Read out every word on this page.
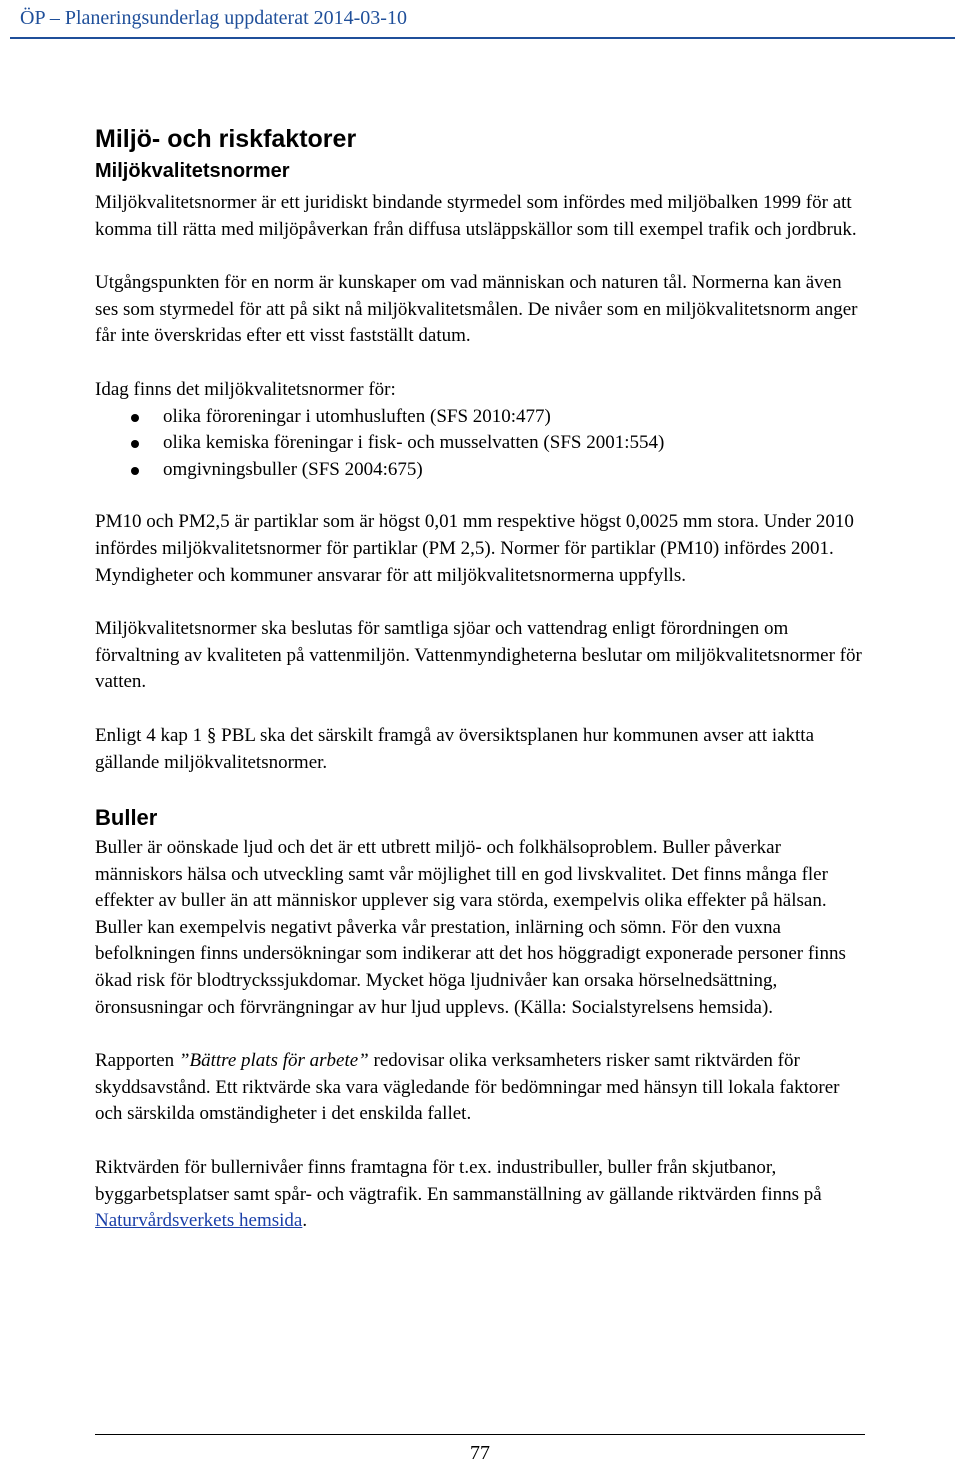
ÖP – Planeringsunderlag uppdaterat 2014-03-10
Miljö- och riskfaktorer
Miljökvalitetsnormer

Miljökvalitetsnormer är ett juridiskt bindande styrmedel som infördes med miljöbalken 1999 för att komma till rätta med miljöpåverkan från diffusa utsläppskällor som till exempel trafik och jordbruk.

Utgångspunkten för en norm är kunskaper om vad människan och naturen tål. Normerna kan även ses som styrmedel för att på sikt nå miljökvalitetsmålen. De nivåer som en miljökvalitetsnorm anger får inte överskridas efter ett visst fastställt datum.

Idag finns det miljökvalitetsnormer för:

olika föroreningar i utomhusluften (SFS 2010:477)
olika kemiska föreningar i fisk- och musselvatten (SFS 2001:554)
omgivningsbuller (SFS 2004:675)

PM10 och PM2,5 är partiklar som är högst 0,01 mm respektive högst 0,0025 mm stora. Under 2010 infördes miljökvalitetsnormer för partiklar (PM 2,5). Normer för partiklar (PM10) infördes 2001. Myndigheter och kommuner ansvarar för att miljökvalitetsnormerna uppfylls.

Miljökvalitetsnormer ska beslutas för samtliga sjöar och vattendrag enligt förordningen om förvaltning av kvaliteten på vattenmiljön. Vattenmyndigheterna beslutar om miljökvalitetsnormer för vatten.

Enligt 4 kap 1 § PBL ska det särskilt framgå av översiktsplanen hur kommunen avser att iaktta gällande miljökvalitetsnormer.

Buller

Buller är oönskade ljud och det är ett utbrett miljö- och folkhälsoproblem. Buller påverkar människors hälsa och utveckling samt vår möjlighet till en god livskvalitet. Det finns många fler effekter av buller än att människor upplever sig vara störda, exempelvis olika effekter på hälsan. Buller kan exempelvis negativt påverka vår prestation, inlärning och sömn. För den vuxna befolkningen finns undersökningar som indikerar att det hos höggradigt exponerade personer finns ökad risk för blodtryckssjukdomar. Mycket höga ljudnivåer kan orsaka hörselnedsättning, öronsusningar och förvrängningar av hur ljud upplevs. (Källa: Socialstyrelsens hemsida).

Rapporten ”Bättre plats för arbete” redovisar olika verksamheters risker samt riktvärden för skyddsavstånd. Ett riktvärde ska vara vägledande för bedömningar med hänsyn till lokala faktorer och särskilda omständigheter i det enskilda fallet.

Riktvärden för bullernivåer finns framtagna för t.ex. industribuller, buller från skjutbanor, byggarbetsplatser samt spår- och vägtrafik. En sammanställning av gällande riktvärden finns på Naturvårdsverkets hemsida.

77
